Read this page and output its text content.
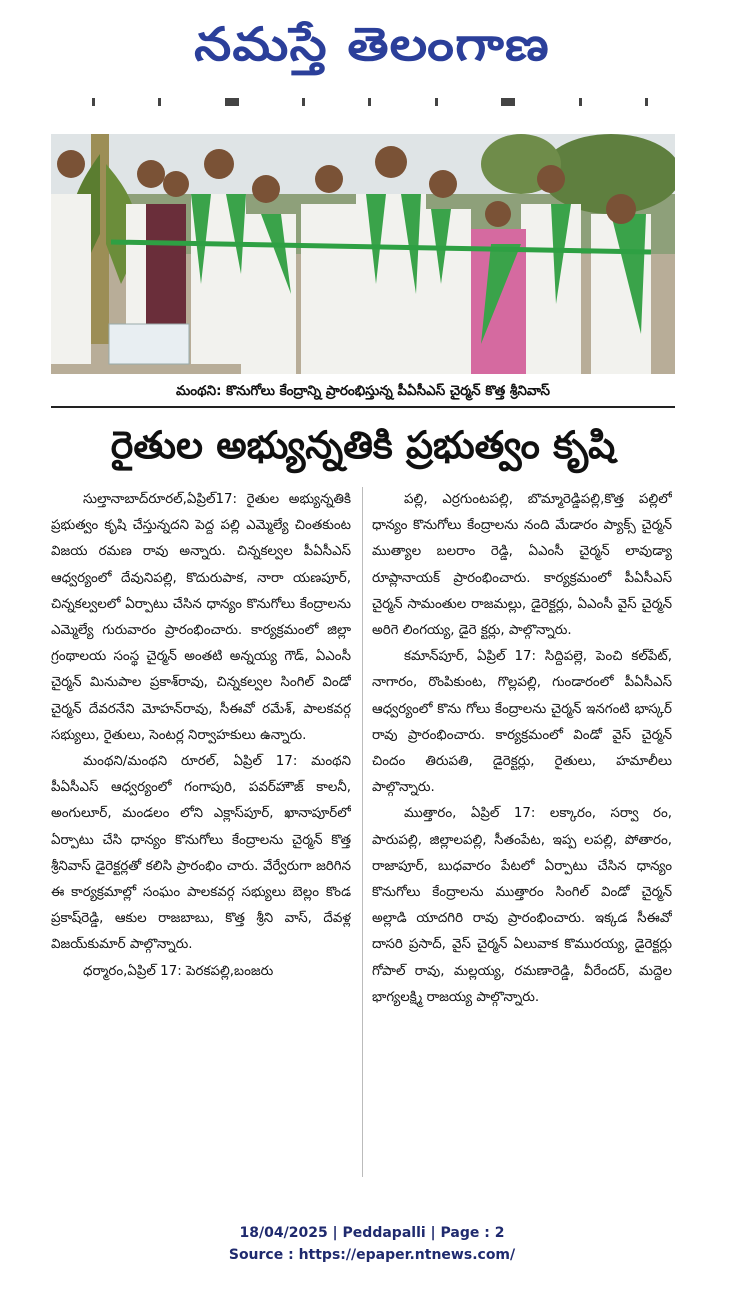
నమస్తే తెలంగాణ
మంథని: కొనుగోలు కేంద్రాన్ని ప్రారంభిస్తున్న పీఏసీఎస్ చైర్మన్ కొత్త శ్రీనివాస్
రైతుల అభ్యున్నతికి ప్రభుత్వం కృషి

సుల్తానాబాద్‌రూరల్,ఏప్రిల్17: రైతుల అభ్యున్నతికి ప్రభుత్వం కృషి చేస్తున్నదని పెద్ద పల్లి ఎమ్మెల్యే చింతకుంట విజయ రమణ రావు అన్నారు. చిన్నకల్వల పీఏసీఎస్ ఆధ్వర్యంలో దేవునిపల్లి, కొదురుపాక, నారా యణపూర్, చిన్నకల్వలలో ఏర్పాటు చేసిన ధాన్యం కొనుగోలు కేంద్రాలను ఎమ్మెల్యే గురువారం ప్రారంభించారు. కార్యక్రమంలో జిల్లా గ్రంథాలయ సంస్థ చైర్మన్ అంతటి అన్నయ్య గౌడ్, ఏఎంసీ చైర్మన్ మినుపాల ప్రకాశ్‌రావు, చిన్నకల్వల సింగిల్ విండో చైర్మన్ దేవరనేని మోహన్‌రావు, సీఈవో రమేశ్, పాలకవర్గ సభ్యులు, రైతులు, సెంటర్ల నిర్వాహకులు ఉన్నారు.

మంథని/మంథని రూరల్, ఏప్రిల్ 17: మంథని పీఏసీఎస్ ఆధ్వర్యంలో గంగాపురి, పవర్‌హౌజ్ కాలనీ, అంగులూర్, మండలం లోని ఎక్లాస్‌పూర్, ఖానాపూర్‌లో ఏర్పాటు చేసి ధాన్యం కొనుగోలు కేంద్రాలను చైర్మన్ కొత్త శ్రీనివాస్ డైరెక్టర్లతో కలిసి ప్రారంభిం చారు. వేర్వేరుగా జరిగిన ఈ కార్యక్రమాల్లో సంఘం పాలకవర్గ సభ్యులు బెల్లం కొండ ప్రకాష్‌రెడ్డి, ఆకుల రాజబాబు, కొత్త శ్రీని వాస్, దేవళ్ల విజయ్‌కుమార్ పాల్గొన్నారు.

ధర్మారం,ఏప్రిల్ 17: పెరకపల్లి,బంజరు

పల్లి, ఎర్రగుంటపల్లి, బొమ్మారెడ్డిపల్లి,కొత్త పల్లిలో ధాన్యం కొనుగోలు కేంద్రాలను నంది మేడారం ప్యాక్స్ చైర్మన్ ముత్యాల బలరాం రెడ్డి, ఏఎంసీ చైర్మన్ లావుడ్యా రూప్లానాయక్ ప్రారంభించారు. కార్యక్రమంలో పీఏసీఎస్ చైర్మన్ సామంతుల రాజమల్లు, డైరెక్టర్లు, ఏఎంసీ వైస్ చైర్మన్ అరిగె లింగయ్య, డైరె క్టర్లు, పాల్గొన్నారు.

కమాన్‌పూర్, ఏప్రిల్ 17: సిద్దిపల్లె, పెంచి కల్‌పేట్, నాగారం, రొంపికుంట, గొల్లపల్లి, గుండారంలో పీఏసీఎస్ ఆధ్వర్యంలో కొను గోలు కేంద్రాలను చైర్మన్ ఇనగంటి భాస్కర్ రావు ప్రారంభించారు. కార్యక్రమంలో విండో వైస్ చైర్మన్ చిందం తిరుపతి, డైరెక్టర్లు, రైతులు, హమాలీలు పాల్గొన్నారు.

ముత్తారం, ఏప్రిల్ 17: లక్కారం, సర్వా రం, పారుపల్లి, జిల్లాలపల్లి, సీతంపేట, ఇప్ప లపల్లి, పోతారం, రాజాపూర్, బుధవారం పేటలో ఏర్పాటు చేసిన ధాన్యం కొనుగోలు కేంద్రాలను ముత్తారం సింగిల్ విండో చైర్మన్ అల్లాడి యాదగిరి రావు ప్రారంభించారు. ఇక్కడ సీఈవో దాసరి ప్రసాద్, వైస్ చైర్మన్ ఏలువాక కొమురయ్య, డైరెక్టర్లు గోపాల్ రావు, మల్లయ్య, రమణారెడ్డి, వీరేందర్, మద్దెల భాగ్యలక్ష్మి రాజయ్య పాల్గొన్నారు.

18/04/2025 | Peddapalli | Page : 2
Source : https://epaper.ntnews.com/
